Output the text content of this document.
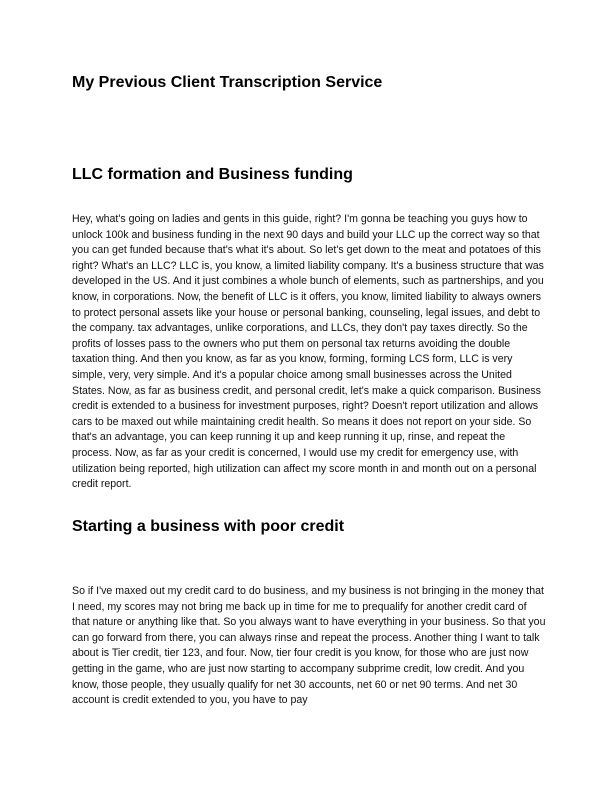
My Previous Client Transcription Service
LLC formation and Business funding

Hey, what's going on ladies and gents in this guide, right? I'm gonna be teaching you guys how to unlock 100k and business funding in the next 90 days and build your LLC up the correct way so that you can get funded because that's what it's about. So let's get down to the meat and potatoes of this right? What's an LLC? LLC is, you know, a limited liability company. It's a business structure that was developed in the US. And it just combines a whole bunch of elements, such as partnerships, and you know, in corporations. Now, the benefit of LLC is it offers, you know, limited liability to always owners to protect personal assets like your house or personal banking, counseling, legal issues, and debt to the company. tax advantages, unlike corporations, and LLCs, they don't pay taxes directly. So the profits of losses pass to the owners who put them on personal tax returns avoiding the double taxation thing. And then you know, as far as you know, forming, forming LCS form, LLC is very simple, very, very simple. And it's a popular choice among small businesses across the United States. Now, as far as business credit, and personal credit, let's make a quick comparison. Business credit is extended to a business for investment purposes, right? Doesn't report utilization and allows cars to be maxed out while maintaining credit health. So means it does not report on your side. So that's an advantage, you can keep running it up and keep running it up, rinse, and repeat the process. Now, as far as your credit is concerned, I would use my credit for emergency use, with utilization being reported, high utilization can affect my score month in and month out on a personal credit report.

Starting a business with poor credit

So if I've maxed out my credit card to do business, and my business is not bringing in the money that I need, my scores may not bring me back up in time for me to prequalify for another credit card of that nature or anything like that. So you always want to have everything in your business. So that you can go forward from there, you can always rinse and repeat the process. Another thing I want to talk about is Tier credit, tier 123, and four. Now, tier four credit is you know, for those who are just now getting in the game, who are just now starting to accompany subprime credit, low credit. And you know, those people, they usually qualify for net 30 accounts, net 60 or net 90 terms. And net 30 account is credit extended to you, you have to pay
